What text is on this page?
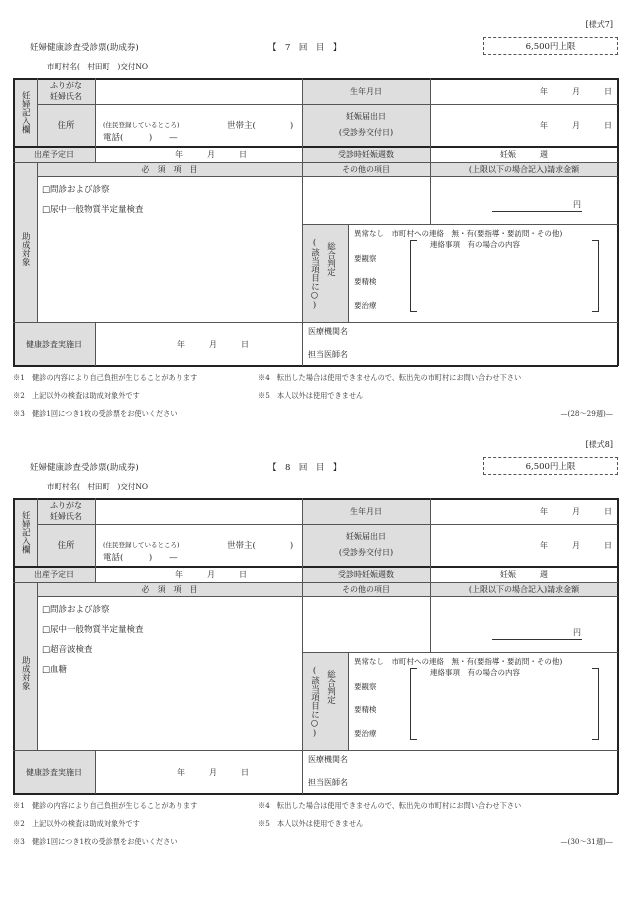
[様式7]
妊婦健康診査受診票(助成券)	【　7　回　目　】	6,500円上限
市町村名(　村田町　)交付NO
妊婦記入欄
ふりがな
妊婦氏名
住所	(住民登録しているところ)	世帯主(　　　　)
電話(　　　)　　—
生年月日	年　　　月　　　日
妊娠届出日
(受診券交付日)
年　　　月　　　日
出産予定日	年　　　月　　　日	受診時妊娠週数	妊娠　　　週
助成対象
必　須　項　目	その他の項目	(上限以下の場合記入)請求金額
□問診および診察
□尿中一般物質半定量検査
円
(該当項目に○) 総合判定
異常なし　市町村への連絡　無・有(要指導・要訪問・その他)
連絡事項　有の場合の内容
要観察
要精検
要治療
健康診査実施日	年　　　月　　　日
医療機関名
担当医師名
※1　健診の内容により自己負担が生じることがあります
※2　上記以外の検査は助成対象外です
※3　健診1回につき1枚の受診票をお使いください
※4　転出した場合は使用できませんので、転出先の市町村にお問い合わせ下さい
※5　本人以外は使用できません
—(28～29週)—
[様式8]
妊婦健康診査受診票(助成券)	【　8　回　目　】	6,500円上限
市町村名(　村田町　)交付NO
妊婦記入欄
ふりがな
妊婦氏名
住所	(住民登録しているところ)	世帯主(　　　　)
電話(　　　)　　—
生年月日	年　　　月　　　日
妊娠届出日
(受診券交付日)
年　　　月　　　日
出産予定日	年　　　月　　　日	受診時妊娠週数	妊娠　　　週
助成対象
必　須　項　目	その他の項目	(上限以下の場合記入)請求金額
□問診および診察
□尿中一般物質半定量検査
□超音波検査
□血糖
円
(該当項目に○) 総合判定
異常なし　市町村への連絡　無・有(要指導・要訪問・その他)
連絡事項　有の場合の内容
要観察
要精検
要治療
健康診査実施日	年　　　月　　　日
医療機関名
担当医師名
※1　健診の内容により自己負担が生じることがあります
※2　上記以外の検査は助成対象外です
※3　健診1回につき1枚の受診票をお使いください
※4　転出した場合は使用できませんので、転出先の市町村にお問い合わせ下さい
※5　本人以外は使用できません
—(30～31週)—
